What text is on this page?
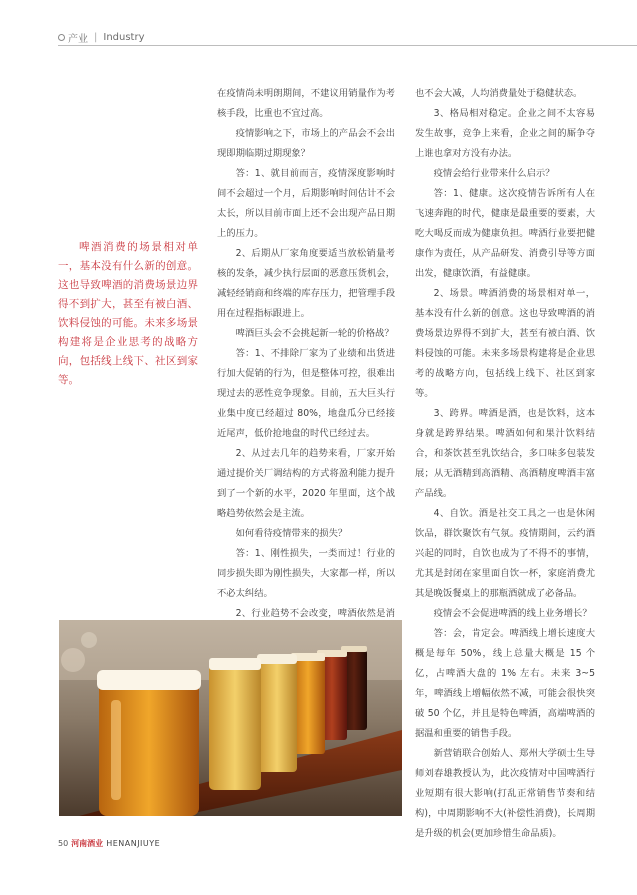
产业 | Industry
啤酒消费的场景相对单一，基本没有什么新的创意。这也导致啤酒的消费场景边界得不到扩大，甚至有被白酒、饮料侵蚀的可能。未来多场景构建将是企业思考的战略方向，包括线上线下、社区到家等。

在疫情尚未明朗期间，不建议用销量作为考核手段，比重也不宜过高。

疫情影响之下，市场上的产品会不会出现即期临期过期现象？

答：1、就目前而言，疫情深度影响时间不会超过一个月，后期影响时间估计不会太长，所以目前市面上还不会出现产品日期上的压力。

2、后期从厂家角度要适当放松销量考核的发条，减少执行层面的恶意压货机会，减轻经销商和终端的库存压力，把管理手段用在过程指标跟进上。

啤酒巨头会不会挑起新一轮的价格战？

答：1、不排除厂家为了业绩和出货进行加大促销的行为，但是整体可控，很难出现过去的恶性竞争现象。目前，五大巨头行业集中度已经超过 80%，地盘瓜分已经接近尾声，低价抢地盘的时代已经过去。

2、从过去几年的趋势来看，厂家开始通过提价关厂调结构的方式将盈利能力提升到了一个新的水平，2020 年里面，这个战略趋势依然会是主流。

如何看待疫情带来的损失？

答：1、刚性损失，一类而过！行业的同步损失即为刚性损失，大家都一样，所以不必太纠结。

2、行业趋势不会改变，啤酒依然是消

也不会大减，人均消费量处于稳健状态。

3、格局相对稳定。企业之间不太容易发生故事，竞争上来看，企业之间的厮争夺上谁也拿对方没有办法。

疫情会给行业带来什么启示？

答：1、健康。这次疫情告诉所有人在飞速奔跑的时代，健康是最重要的要素，大吃大喝反而成为健康负担。啤酒行业要把健康作为责任，从产品研发、消费引导等方面出发，健康饮酒，有益健康。

2、场景。啤酒消费的场景相对单一，基本没有什么新的创意。这也导致啤酒的消费场景边界得不到扩大，甚至有被白酒、饮料侵蚀的可能。未来多场景构建将是企业思考的战略方向，包括线上线下、社区到家等。

3、跨界。啤酒是酒，也是饮料，这本身就是跨界结果。啤酒如何和果汁饮料结合，和茶饮甚至乳饮结合，多口味多包装发展；从无酒精到高酒精、高酒精度啤酒丰富产品线。

4、自饮。酒是社交工具之一也是休闲饮品，群饮聚饮有气氛。疫情期间，云约酒兴起的同时，自饮也成为了不得不的事情，尤其是封闭在家里面自饮一杯，家庭消费尤其是晚饭餐桌上的那瓶酒就成了必备品。

疫情会不会促进啤酒的线上业务增长？

答：会，肯定会。啤酒线上增长速度大概是每年 50%，线上总量大概是 15 个亿，占啤酒大盘的 1% 左右。未来 3~5 年，啤酒线上增幅依然不减，可能会很快突破 50 个亿，并且是特色啤酒，高端啤酒的据温和重要的销售手段。

新营销联合创始人、郑州大学硕士生导师刘春雄教授认为，此次疫情对中国啤酒行业短期有很大影响(打乱正常销售节奏和结构)，中周期影响不大(补偿性消费)，长周期是升级的机会(更加珍惜生命品质)。

50 河南酒业 HENANJIUYE
